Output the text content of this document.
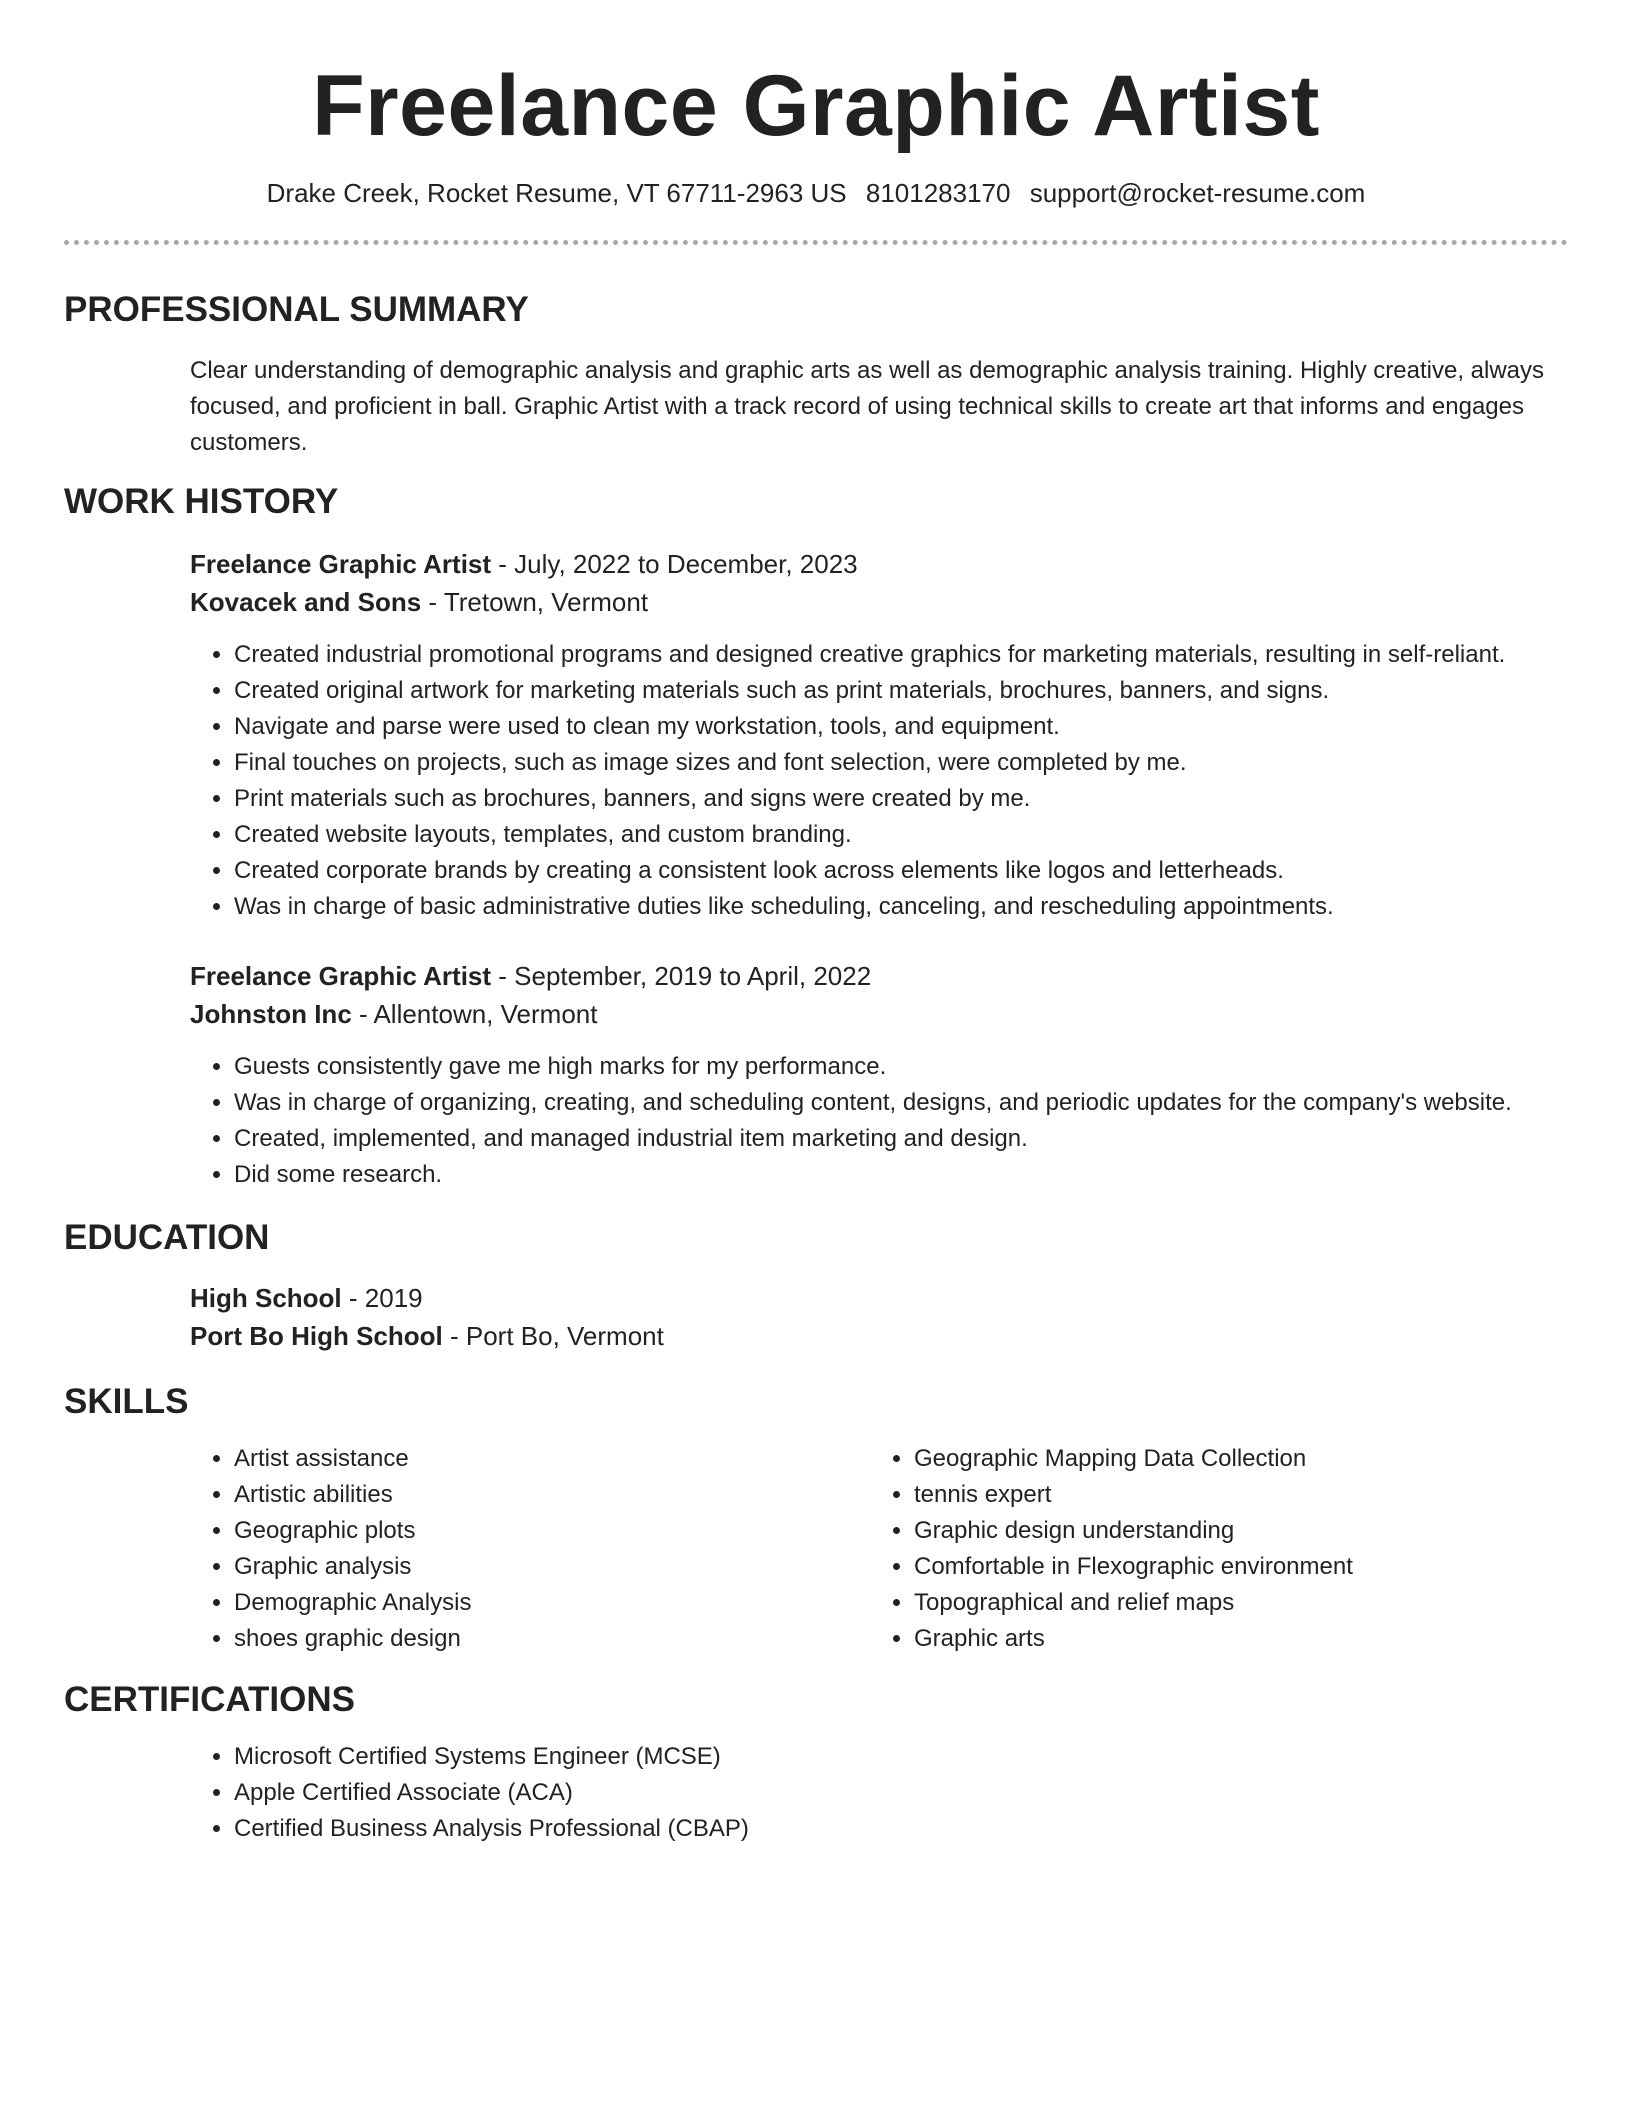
Freelance Graphic Artist
Drake Creek, Rocket Resume, VT 67711-2963 US 8101283170 support@rocket-resume.com
PROFESSIONAL SUMMARY
Clear understanding of demographic analysis and graphic arts as well as demographic analysis training. Highly creative, always focused, and proficient in ball. Graphic Artist with a track record of using technical skills to create art that informs and engages customers.
WORK HISTORY
Freelance Graphic Artist - July, 2022 to December, 2023
Kovacek and Sons - Tretown, Vermont
• Created industrial promotional programs and designed creative graphics for marketing materials, resulting in self-reliant.
• Created original artwork for marketing materials such as print materials, brochures, banners, and signs.
• Navigate and parse were used to clean my workstation, tools, and equipment.
• Final touches on projects, such as image sizes and font selection, were completed by me.
• Print materials such as brochures, banners, and signs were created by me.
• Created website layouts, templates, and custom branding.
• Created corporate brands by creating a consistent look across elements like logos and letterheads.
• Was in charge of basic administrative duties like scheduling, canceling, and rescheduling appointments.
Freelance Graphic Artist - September, 2019 to April, 2022
Johnston Inc - Allentown, Vermont
• Guests consistently gave me high marks for my performance.
• Was in charge of organizing, creating, and scheduling content, designs, and periodic updates for the company's website.
• Created, implemented, and managed industrial item marketing and design.
• Did some research.
EDUCATION
High School - 2019
Port Bo High School - Port Bo, Vermont
SKILLS
• Artist assistance
• Artistic abilities
• Geographic plots
• Graphic analysis
• Demographic Analysis
• shoes graphic design
• Geographic Mapping Data Collection
• tennis expert
• Graphic design understanding
• Comfortable in Flexographic environment
• Topographical and relief maps
• Graphic arts
CERTIFICATIONS
• Microsoft Certified Systems Engineer (MCSE)
• Apple Certified Associate (ACA)
• Certified Business Analysis Professional (CBAP)
